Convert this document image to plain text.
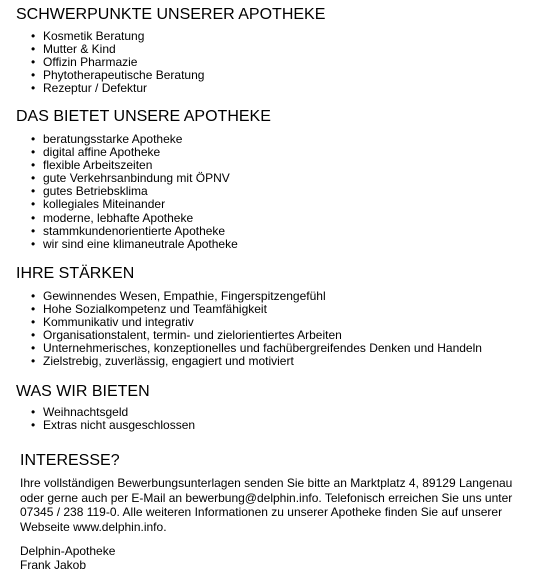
SCHWERPUNKTE UNSERER APOTHEKE
• Kosmetik Beratung
• Mutter & Kind
• Offizin Pharmazie
• Phytotherapeutische Beratung
• Rezeptur / Defektur
DAS BIETET UNSERE APOTHEKE
• beratungsstarke Apotheke
• digital affine Apotheke
• flexible Arbeitszeiten
• gute Verkehrsanbindung mit ÖPNV
• gutes Betriebsklima
• kollegiales Miteinander
• moderne, lebhafte Apotheke
• stammkundenorientierte Apotheke
• wir sind eine klimaneutrale Apotheke
IHRE STÄRKEN
• Gewinnendes Wesen, Empathie, Fingerspitzengefühl
• Hohe Sozialkompetenz und Teamfähigkeit
• Kommunikativ und integrativ
• Organisationstalent, termin- und zielorientiertes Arbeiten
• Unternehmerisches, konzeptionelles und fachübergreifendes Denken und Handeln
• Zielstrebig, zuverlässig, engagiert und motiviert
WAS WIR BIETEN
• Weihnachtsgeld
• Extras nicht ausgeschlossen
INTERESSE?

Ihre vollständigen Bewerbungsunterlagen senden Sie bitte an Marktplatz 4, 89129 Langenau oder gerne auch per E-Mail an bewerbung@delphin.info. Telefonisch erreichen Sie uns unter 07345 / 238 119-0. Alle weiteren Informationen zu unserer Apotheke finden Sie auf unserer Webseite www.delphin.info.

Delphin-Apotheke
Frank Jakob
